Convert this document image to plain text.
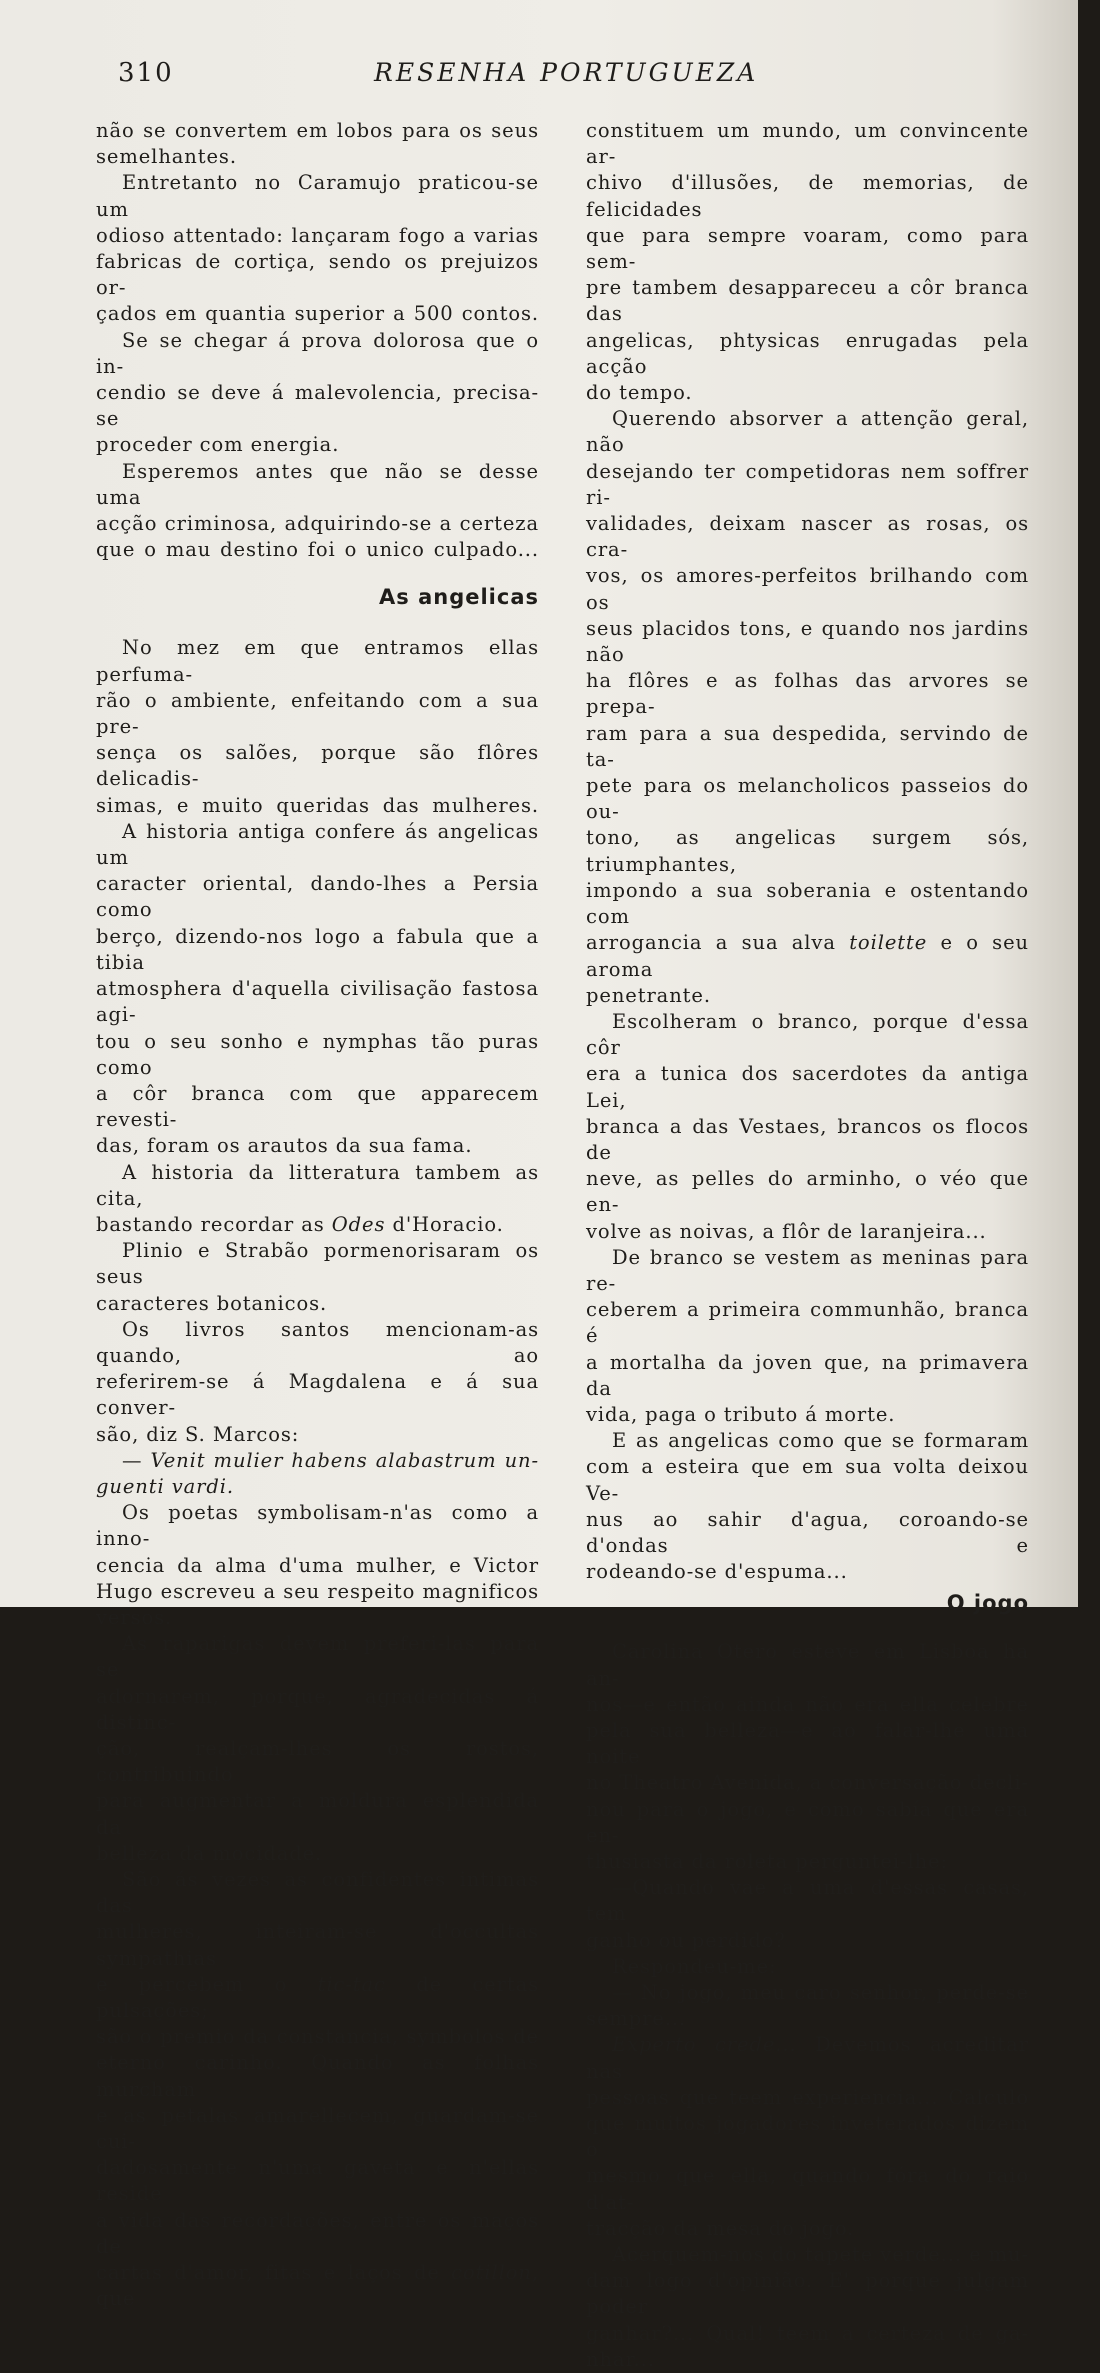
310	RESENHA PORTUGUEZA

não se convertem em lobos para os seus

semelhantes.

Entretanto no Caramujo praticou-se um

odioso attentado: lançaram fogo a varias

fabricas de cortiça, sendo os prejuizos or-

çados em quantia superior a 500 contos.

Se se chegar á prova dolorosa que o in-

cendio se deve á malevolencia, precisa-se

proceder com energia.

Esperemos antes que não se desse uma

acção criminosa, adquirindo-se a certeza

que o mau destino foi o unico culpado...

As angelicas

No mez em que entramos ellas perfuma-

rão o ambiente, enfeitando com a sua pre-

sença os salões, porque são flôres delicadis-

simas, e muito queridas das mulheres.

A historia antiga confere ás angelicas um

caracter oriental, dando-lhes a Persia como

berço, dizendo-nos logo a fabula que a tibia

atmosphera d'aquella civilisação fastosa agi-

tou o seu sonho e nymphas tão puras como

a côr branca com que apparecem revesti-

das, foram os arautos da sua fama.

A historia da litteratura tambem as cita,

bastando recordar as Odes d'Horacio.

Plinio e Strabão pormenorisaram os seus

caracteres botanicos.

Os livros santos mencionam-as quando, ao

referirem-se á Magdalena e á sua conver-

são, diz S. Marcos:

— Venit mulier habens alabastrum un-

guenti vardi.

Os poetas symbolisam-n'as como a inno-

cencia da alma d'uma mulher, e Victor

Hugo escreveu a seu respeito magnificos

versos.

As raparigas devem preferi-las para se

adornarem, porque, agradecidas á distinc-

ção, realçam-lhes os rostos, contribuindo

para augmentar a moldura esplendida da

belleza da mocidade.

São ás vezes as confidentes intimas das

mulheres, inteiram-se d'occultas sympathias

e percebem o tic-tac de certas pulsações;

são o premio da constancia, symbolos de

eterno carinho. Quando as folhas murcham

e as petalas amarellecem, guardam-se cui-

dadosamente n'uma gaveta e n'ellas reside

a vida das recordações, entre os maços de

cartas d'amor, fitas e laços de cotillon, que

constituem um mundo, um convincente ar-

chivo d'illusões, de memorias, de felicidades

que para sempre voaram, como para sem-

pre tambem desappareceu a côr branca das

angelicas, phtysicas enrugadas pela acção

do tempo.

Querendo absorver a attenção geral, não

desejando ter competidoras nem soffrer ri-

validades, deixam nascer as rosas, os cra-

vos, os amores-perfeitos brilhando com os

seus placidos tons, e quando nos jardins não

ha flôres e as folhas das arvores se prepa-

ram para a sua despedida, servindo de ta-

pete para os melancholicos passeios do ou-

tono, as angelicas surgem sós, triumphantes,

impondo a sua soberania e ostentando com

arrogancia a sua alva toilette e o seu aroma

penetrante.

Escolheram o branco, porque d'essa côr

era a tunica dos sacerdotes da antiga Lei,

branca a das Vestaes, brancos os flocos de

neve, as pelles do arminho, o véo que en-

volve as noivas, a flôr de laranjeira...

De branco se vestem as meninas para re-

ceberem a primeira communhão, branca é

a mortalha da joven que, na primavera da

vida, paga o tributo á morte.

E as angelicas como que se formaram

com a esteira que em sua volta deixou Ve-

nus ao sahir d'agua, coroando-se d'ondas e

rodeando-se d'espuma...

O jogo

Carolina Otero esteve em Lisboa ha an-

nos—e então ainda não era ella celebre

pela sua belleza—e ao falar-lhe uma noite

no Theatro Avenida, a conversação decli-

nou para o jogo, e como sabía que era en-

thusiasta da roleta perguntei-lhe:

—Quando vae a uma d'essas casas, tem

ganho ou perdido?

Respondeu-me:

— No jogo, meu caro senhor, perde-se

sempre...

Experto crede... Devemos acreditar nas

pessoas que teem experiencia... Calculo

que muitos jogadores inveterados dizem o

mesmo que ella, quando fóra do raio d'at-

tracção da mesa do jogo.

Acerquem-nos do tapete verde... e mu-

dam logo d'opinião. E' porque julgam poder

ganhar?... Qual! teem a certeza de ga-

nhar...
